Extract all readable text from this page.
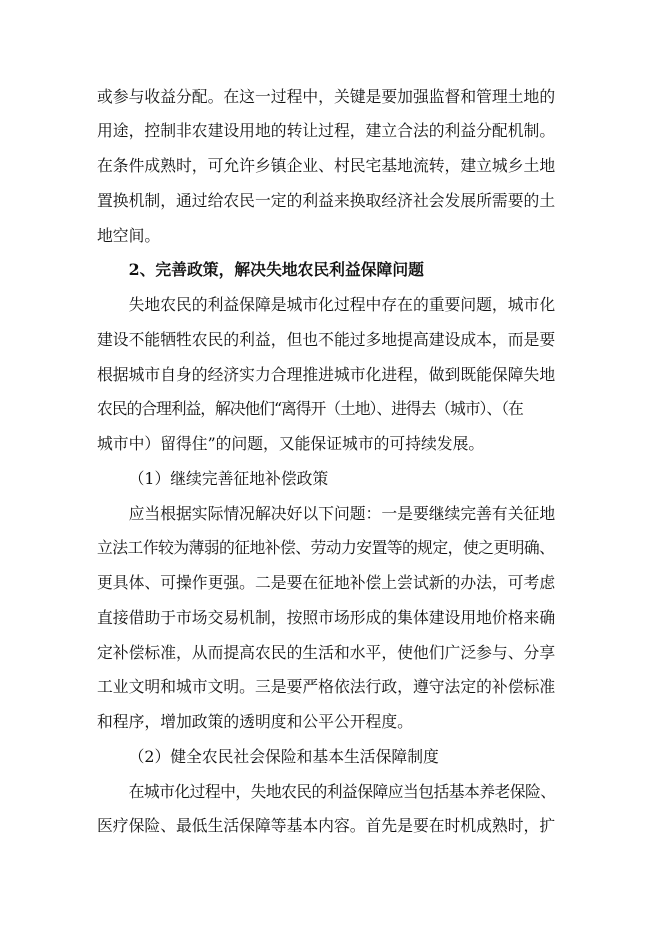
或参与收益分配。在这一过程中，关键是要加强监督和管理土地的
用途，控制非农建设用地的转让过程，建立合法的利益分配机制。
在条件成熟时，可允许乡镇企业、村民宅基地流转，建立城乡土地
置换机制，通过给农民一定的利益来换取经济社会发展所需要的土
地空间。
2、完善政策，解决失地农民利益保障问题
失地农民的利益保障是城市化过程中存在的重要问题，城市化
建设不能牺牲农民的利益，但也不能过多地提高建设成本，而是要
根据城市自身的经济实力合理推进城市化进程，做到既能保障失地
农民的合理利益，解决他们“离得开（土地）、进得去（城市）、（在
城市中）留得住”的问题，又能保证城市的可持续发展。
（1）继续完善征地补偿政策
应当根据实际情况解决好以下问题：一是要继续完善有关征地
立法工作较为薄弱的征地补偿、劳动力安置等的规定，使之更明确、
更具体、可操作更强。二是要在征地补偿上尝试新的办法，可考虑
直接借助于市场交易机制，按照市场形成的集体建设用地价格来确
定补偿标准，从而提高农民的生活和水平，使他们广泛参与、分享
工业文明和城市文明。三是要严格依法行政，遵守法定的补偿标准
和程序，增加政策的透明度和公平公开程度。
（2）健全农民社会保险和基本生活保障制度
在城市化过程中，失地农民的利益保障应当包括基本养老保险、
医疗保险、最低生活保障等基本内容。首先是要在时机成熟时，扩
